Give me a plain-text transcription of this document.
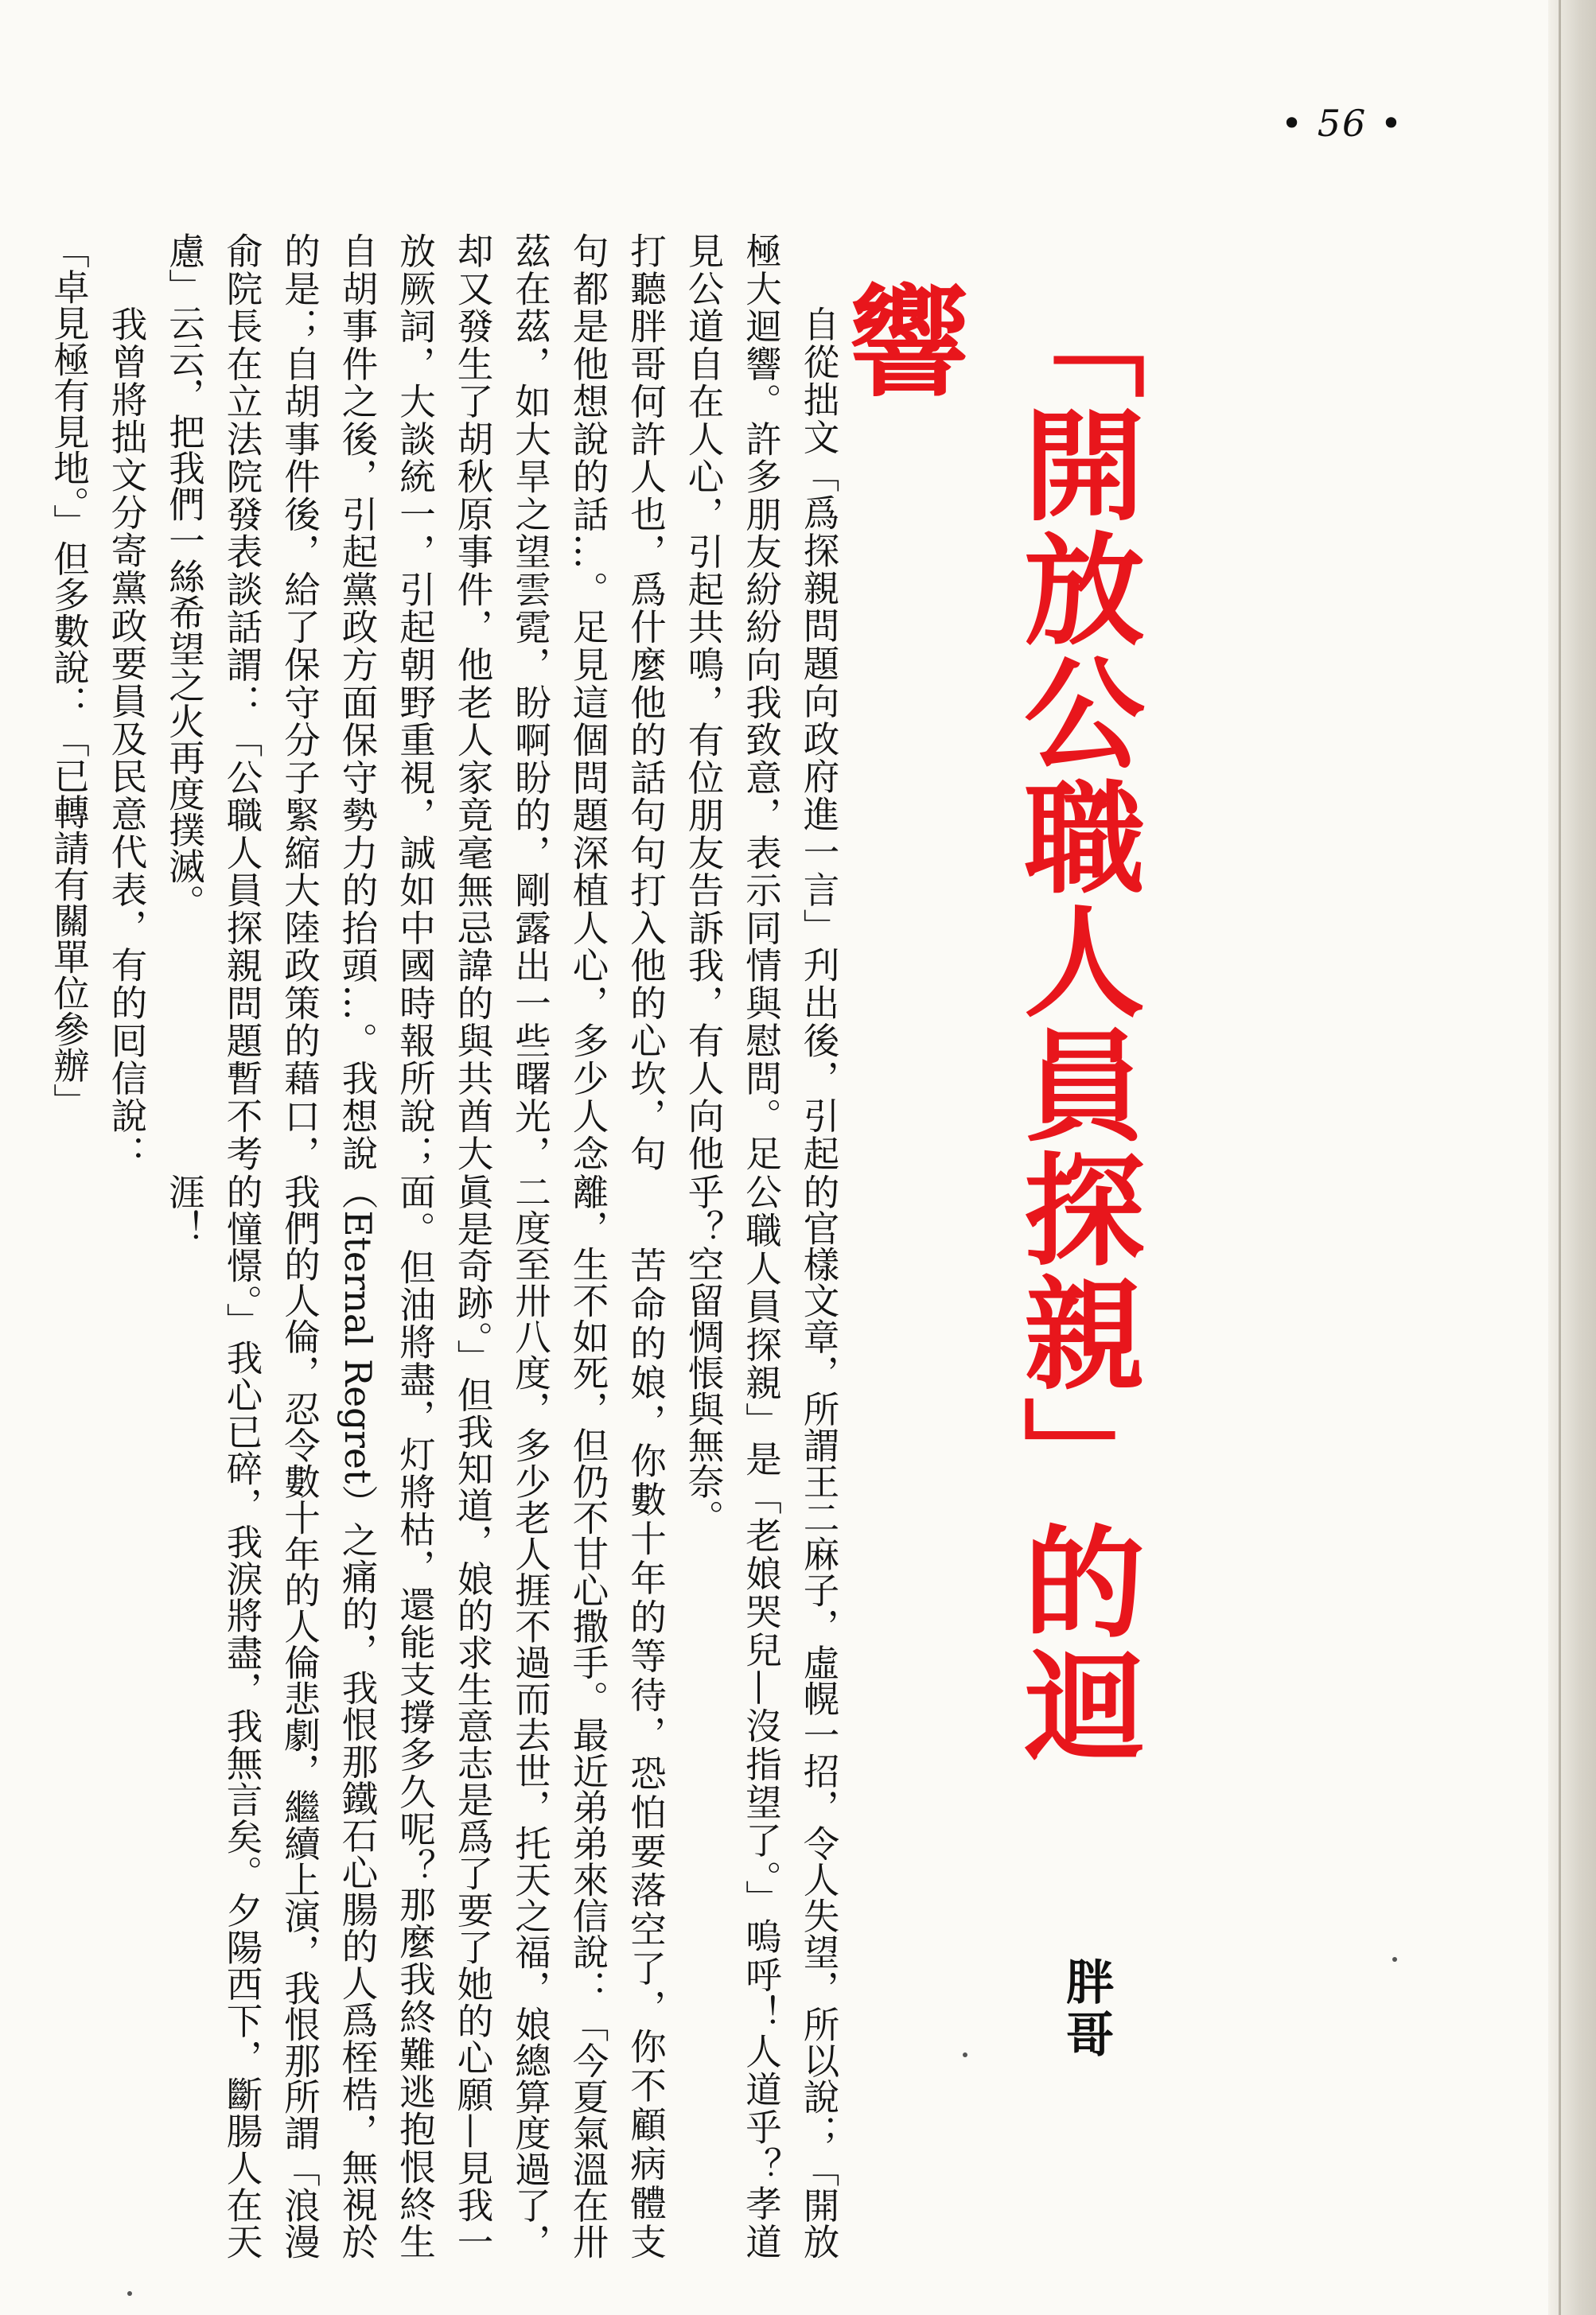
• 56 •
「開放公職人員探親」的迴響
胖哥
自從拙文「爲探親問題向政府進一言」刋出後，引起極大迴響。許多朋友紛紛向我致意，表示同情與慰問。足見公道自在人心，引起共鳴，有位朋友告訴我，有人向他打聽胖哥何許人也，爲什麼他的話句句打入他的心坎，句句都是他想說的話…。足見這個問題深植人心，多少人念茲在茲，如大旱之望雲霓，盼啊盼的，剛露出一些曙光，却又發生了胡秋原事件，他老人家竟毫無忌諱的與共酋大放厥詞，大談統一，引起朝野重視，誠如中國時報所說；自胡事件之後，引起黨政方面保守勢力的抬頭…。我想說的是；自胡事件後，給了保守分子緊縮大陸政策的藉口，俞院長在立法院發表談話謂：「公職人員探親問題暫不考慮」云云，把我們一絲希望之火再度撲滅。
我曾將拙文分寄黨政要員及民意代表，有的囘信說：「卓見極有見地。」但多數說：「已轉請有關單位參辦」
的官樣文章，所謂王二麻子，虛幌一招，令人失望，所以說；「開放公職人員探親」是「老娘哭兒—沒指望了。」嗚呼！人道乎？孝道乎？空留惆悵與無奈。
苦命的娘，你數十年的等待，恐怕要落空了，你不顧病體支離，生不如死，但仍不甘心撒手。最近弟弟來信說：「今夏氣溫在卅二度至卅八度，多少老人捱不過而去世，托天之福，娘總算度過了，眞是奇跡。」但我知道，娘的求生意志是爲了要了她的心願—見我一面。但油將盡，灯將枯，還能支撐多久呢？那麼我終難逃抱恨終生（Eternal Regret）之痛的，我恨那鐵石心腸的人爲桎梏，無視於我們的人倫，忍令數十年的人倫悲劇，繼續上演，我恨那所謂「浪漫的憧憬。」我心已碎，我淚將盡，我無言矣。夕陽西下，斷腸人在天涯！
